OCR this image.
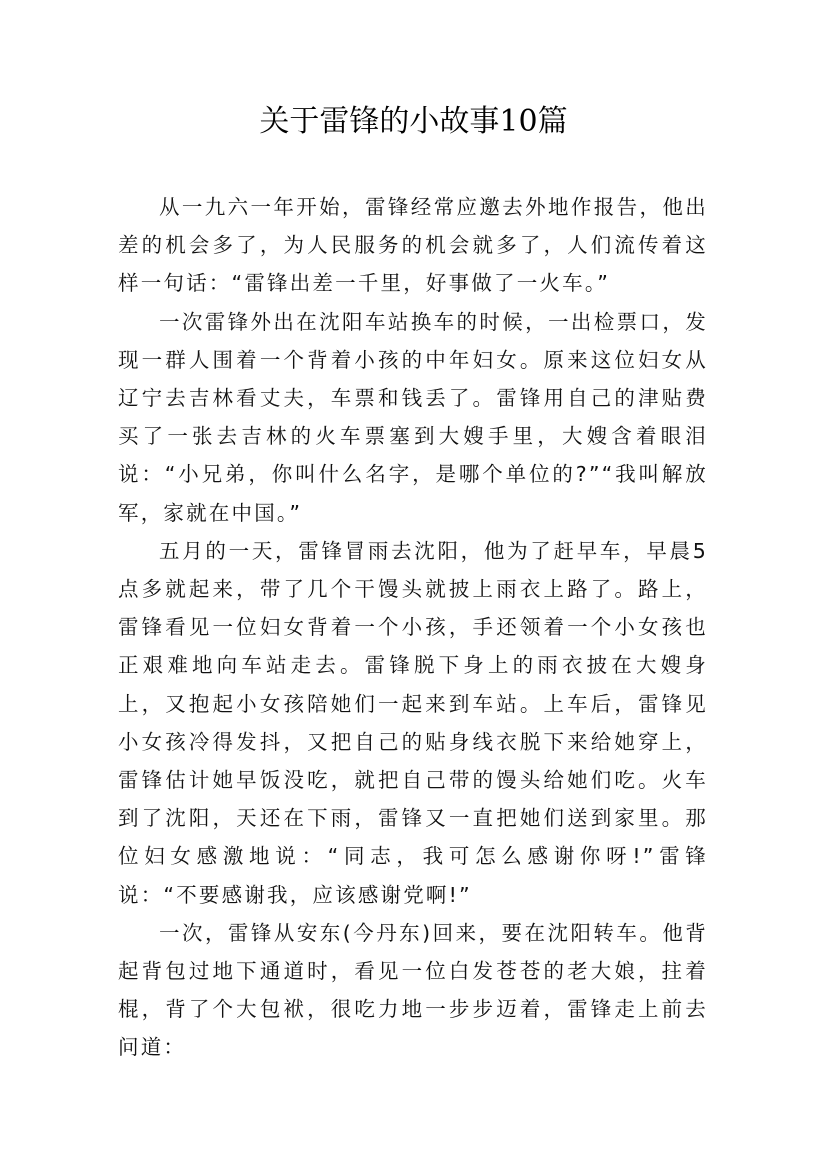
关于雷锋的小故事10篇

从一九六一年开始，雷锋经常应邀去外地作报告，他出差的机会多了，为人民服务的机会就多了，人们流传着这样一句话：“雷锋出差一千里，好事做了一火车。”

一次雷锋外出在沈阳车站换车的时候，一出检票口，发现一群人围着一个背着小孩的中年妇女。原来这位妇女从辽宁去吉林看丈夫，车票和钱丢了。雷锋用自己的津贴费买了一张去吉林的火车票塞到大嫂手里，大嫂含着眼泪说：“小兄弟，你叫什么名字，是哪个单位的?”“我叫解放军，家就在中国。”

五月的一天，雷锋冒雨去沈阳，他为了赶早车，早晨5点多就起来，带了几个干馒头就披上雨衣上路了。路上，雷锋看见一位妇女背着一个小孩，手还领着一个小女孩也正艰难地向车站走去。雷锋脱下身上的雨衣披在大嫂身上，又抱起小女孩陪她们一起来到车站。上车后，雷锋见小女孩冷得发抖，又把自己的贴身线衣脱下来给她穿上，雷锋估计她早饭没吃，就把自己带的馒头给她们吃。火车到了沈阳，天还在下雨，雷锋又一直把她们送到家里。那位妇女感激地说：“同志，我可怎么感谢你呀!”雷锋说：“不要感谢我，应该感谢党啊!”

一次，雷锋从安东(今丹东)回来，要在沈阳转车。他背起背包过地下通道时，看见一位白发苍苍的老大娘，拄着棍，背了个大包袱，很吃力地一步步迈着，雷锋走上前去问道：
